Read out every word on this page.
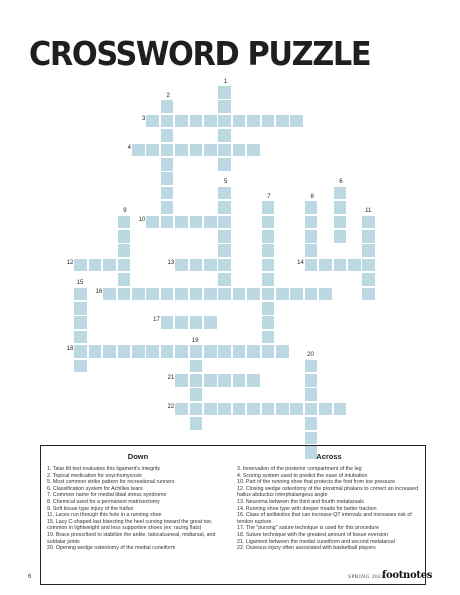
CROSSWORD PUZZLE
1
2
3
4
5	6
7	8
9
10
11
12	13	14
15
16
17
18
19
20
21
22
Down
1. Talar tilt test evaluates this ligament's integrity
2. Topical medication for onychomycosis
5. Most common strike pattern for recreational runners
6. Classification system for Achilles tears
7. Common name for medial tibial stress syndrome
8. Chemical used for a permanent matrixectomy
9. Soft tissue type injury of the hallux
11. Laces run through this hole in a running shoe
15. Lacy C-shaped last bisecting the heel curving toward the great toe, common in lightweight and less supportive shoes (ex: racing flats)
19. Brace prescribed to stabilize the ankle, talocalcaneal, midtarsal, and subtalar joints
20. Opening wedge osteotomy of the medial cuneiform
Across
3. Innervation of the posterior compartment of the leg
4. Scoring system used to predict the ease of intubation
10. Part of the running shoe that protects the foot from toe pressure
12. Closing wedge osteotomy of the proximal phalanx to correct an increased hallux abductus interphalangeus angle
13. Neuroma between the third and fourth metatarsals
14. Running shoe type with deeper treads for better traction
16. Class of antibiotics that can increase QT intervals and increases risk of tendon rupture
17. The "pursing" suture technique is used for this procedure
18. Suture technique with the greatest amount of tissue eversion
21. Ligament between the medial cuneiform and second metatarsal
22. Osseous injury often associated with basketball players
6	SPRING 2021
footnotes
